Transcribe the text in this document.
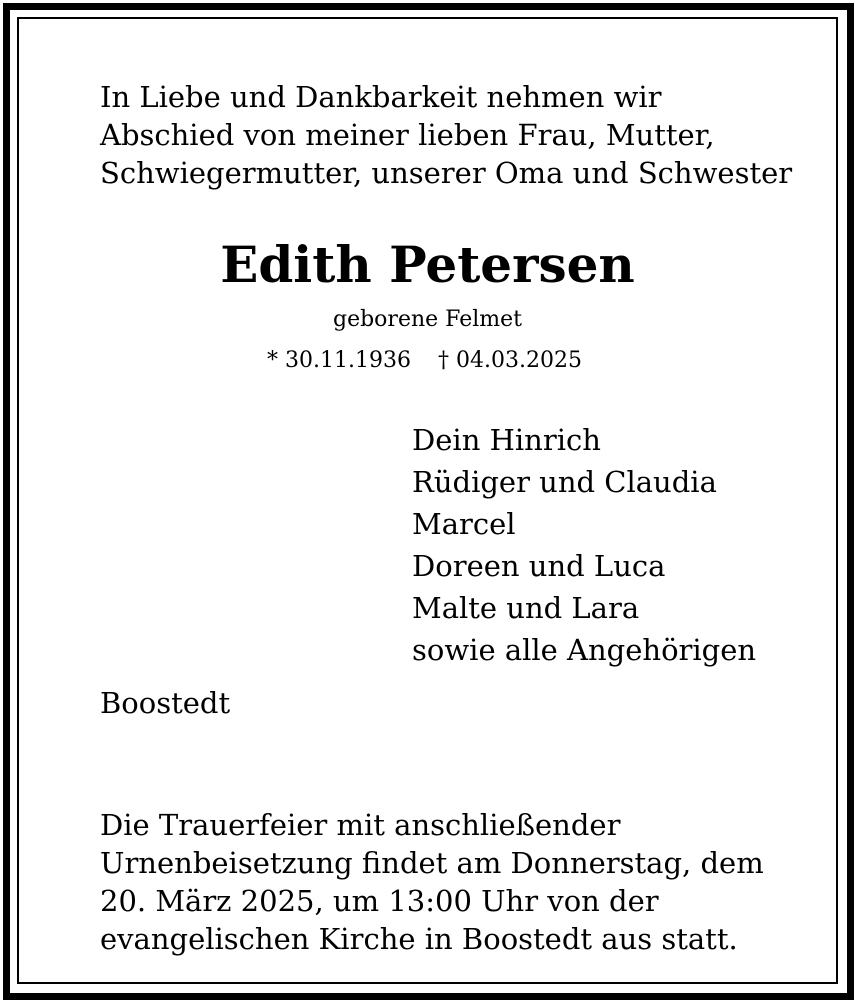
In Liebe und Dankbarkeit nehmen wir
Abschied von meiner lieben Frau, Mutter,
Schwiegermutter, unserer Oma und Schwester
Edith Petersen
geborene Felmet
* 30.11.1936 † 04.03.2025
Dein Hinrich
Rüdiger und Claudia
Marcel
Doreen und Luca
Malte und Lara
sowie alle Angehörigen
Boostedt
Die Trauerfeier mit anschließender
Urnenbeisetzung findet am Donnerstag, dem
20. März 2025, um 13:00 Uhr von der
evangelischen Kirche in Boostedt aus statt.
